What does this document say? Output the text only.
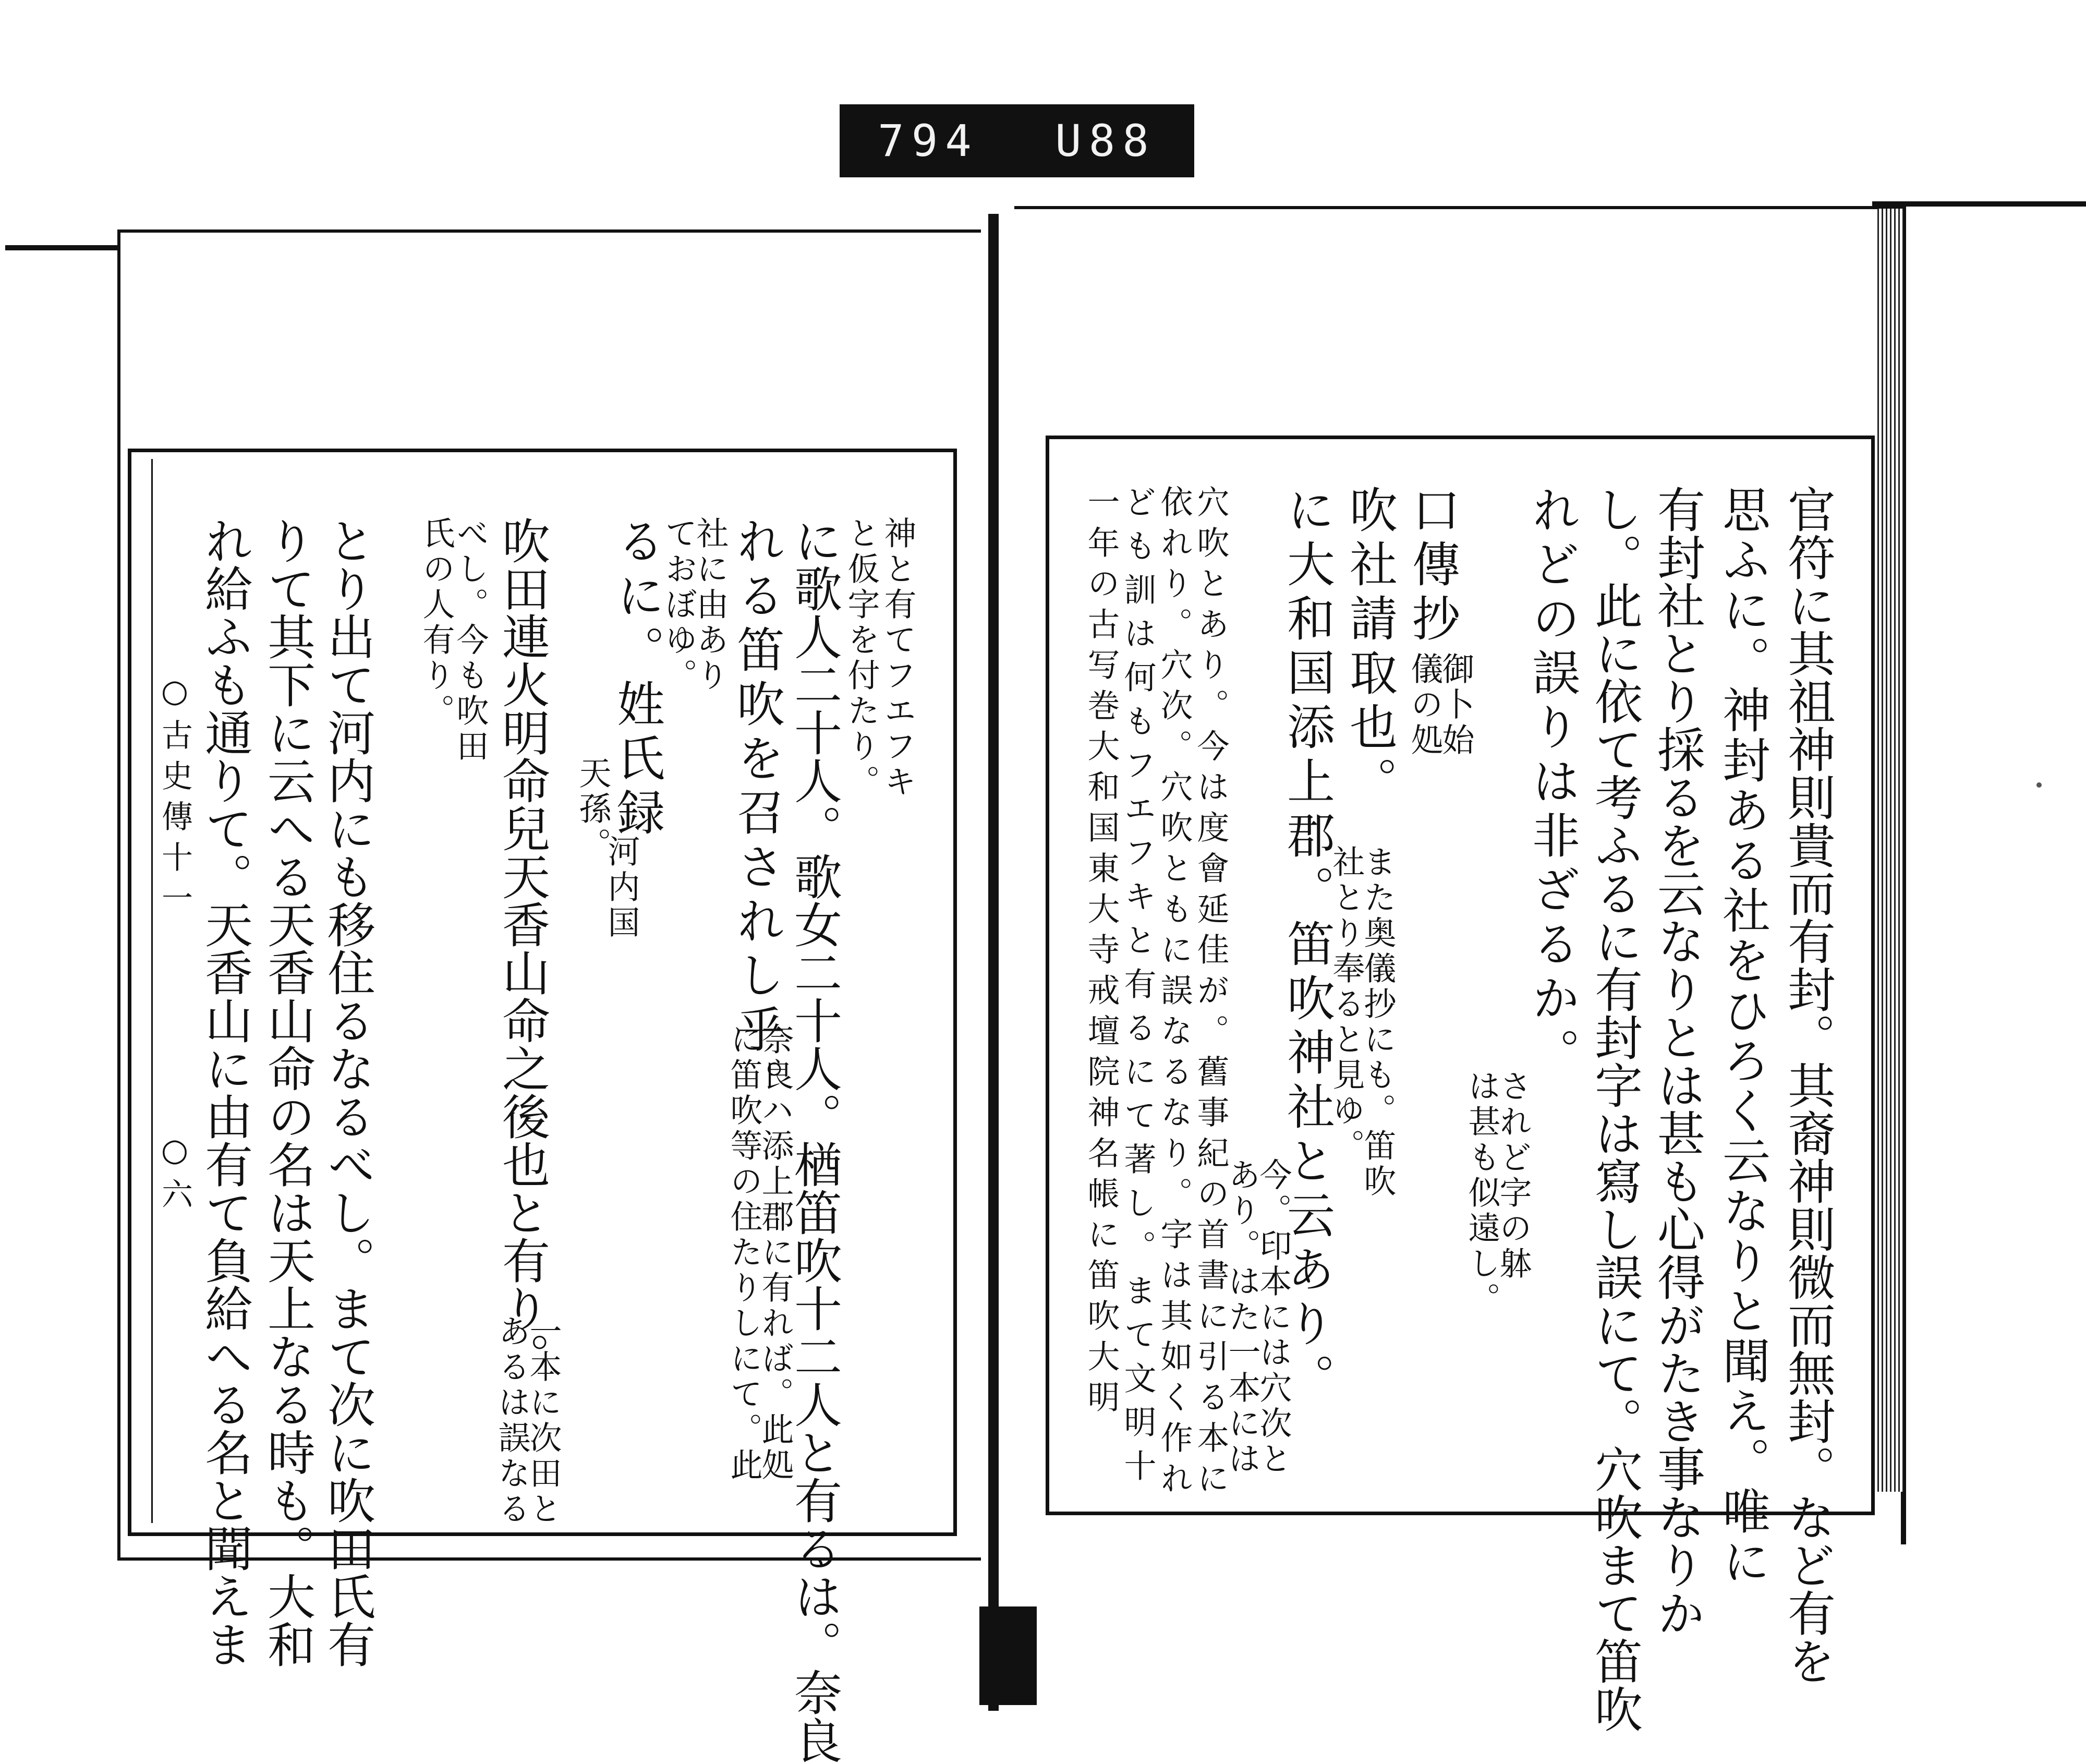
794 U88
○古史傳十一
○六
神と有てフエフキ
と仮字を付たり。
に歌人二十人。歌女二十人。楢笛吹十二人と有るは。奈良
れる笛吹を召されし乎。
奈良ハ添上郡に有れば。此処
に笛吹等の住たりしにて。此
社に由あり
ておぼゆ。
るに。姓氏録
天孫。
河内国
吹田連火明命兒天香山命之後也と有り。
一本に次田と
あるは誤なる
べし。今も吹田
氏の人有り。
とり出て河内にも移住るなるべし。まて次に吹田氏有
りて其下に云へる天香山命の名は天上なる時も。大和
れ給ふも通りて。天香山に由有て負給へる名と聞えま	官符に其祖神則貴而有封。其裔神則微而無封。など有を
思ふに。神封ある社をひろく云なりと聞え。唯に
有封社とり採るを云なりとは甚も心得がたき事なりか
し。此に依て考ふるに有封字は寫し誤にて。穴吹まて笛吹
れどの誤りは非ざるか。
されど字の躰
は甚も似遠し。
口傳抄
御卜始
儀の処
吹社請取也。
また奥儀抄にも。笛吹
社とり奉ると見ゆ。
に大和国添上郡。笛吹神社と云あり。
今。印本には穴次と
あり。はた一本には
穴吹とあり。今は度會延佳が。舊事紀の首書に引る本に
依れり。穴次。穴吹ともに誤なるなり。字は其如く作れ
ども訓は何もフエフキと有るにて著し。まて文明十
一年の古写巻大和国東大寺戒壇院神名帳に笛吹大明
